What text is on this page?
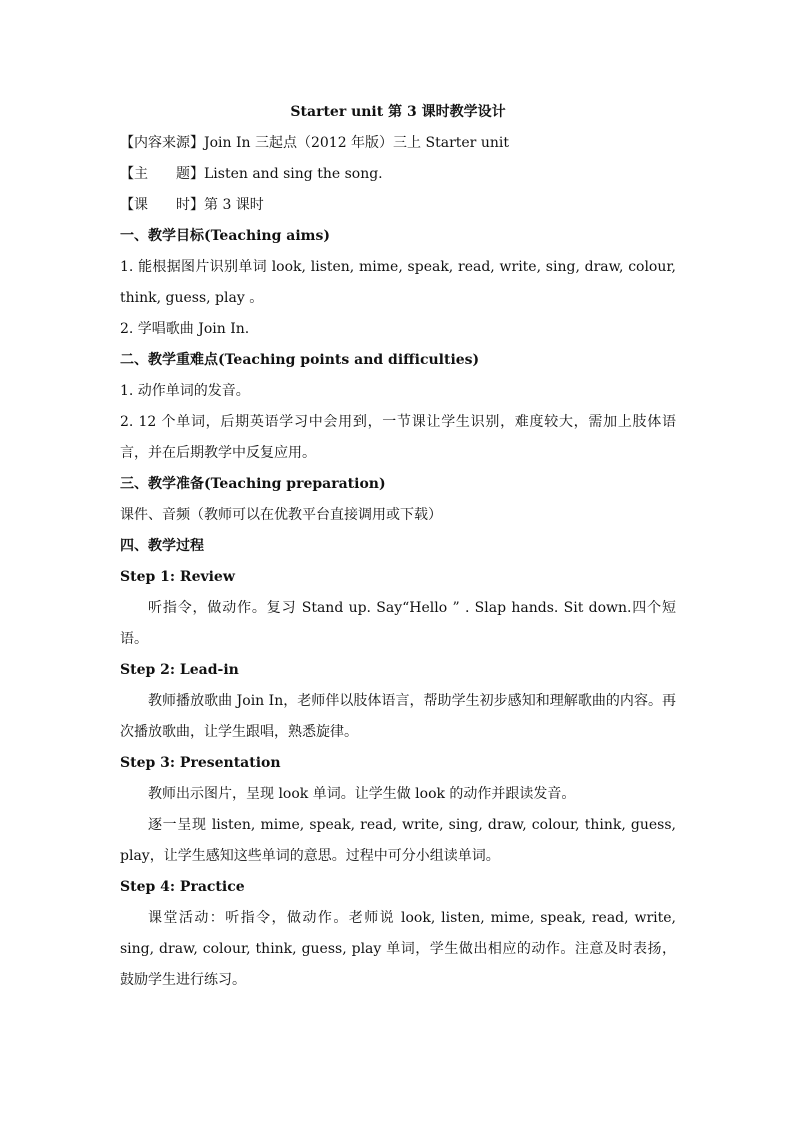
Starter unit 第 3 课时教学设计
【内容来源】Join In 三起点（2012 年版）三上 Starter unit
【主　　题】Listen and sing the song.
【课　　时】第 3 课时
一、教学目标(Teaching aims)
1. 能根据图片识别单词 look, listen, mime, speak, read, write, sing, draw, colour, think, guess, play 。
2. 学唱歌曲 Join In.
二、教学重难点(Teaching points and difficulties)
1. 动作单词的发音。
2. 12 个单词，后期英语学习中会用到，一节课让学生识别，难度较大，需加上肢体语言，并在后期教学中反复应用。
三、教学准备(Teaching preparation)
课件、音频（教师可以在优教平台直接调用或下载）
四、教学过程
Step 1: Review
听指令，做动作。复习 Stand up. Say“Hello ” . Slap hands. Sit down.四个短语。
Step 2: Lead-in
教师播放歌曲 Join In，老师伴以肢体语言，帮助学生初步感知和理解歌曲的内容。再次播放歌曲，让学生跟唱，熟悉旋律。
Step 3: Presentation
教师出示图片，呈现 look 单词。让学生做 look 的动作并跟读发音。
逐一呈现 listen, mime, speak, read, write, sing, draw, colour, think, guess, play，让学生感知这些单词的意思。过程中可分小组读单词。
Step 4: Practice
课堂活动：听指令，做动作。老师说 look, listen, mime, speak, read, write, sing, draw, colour, think, guess, play 单词，学生做出相应的动作。注意及时表扬，鼓励学生进行练习。
